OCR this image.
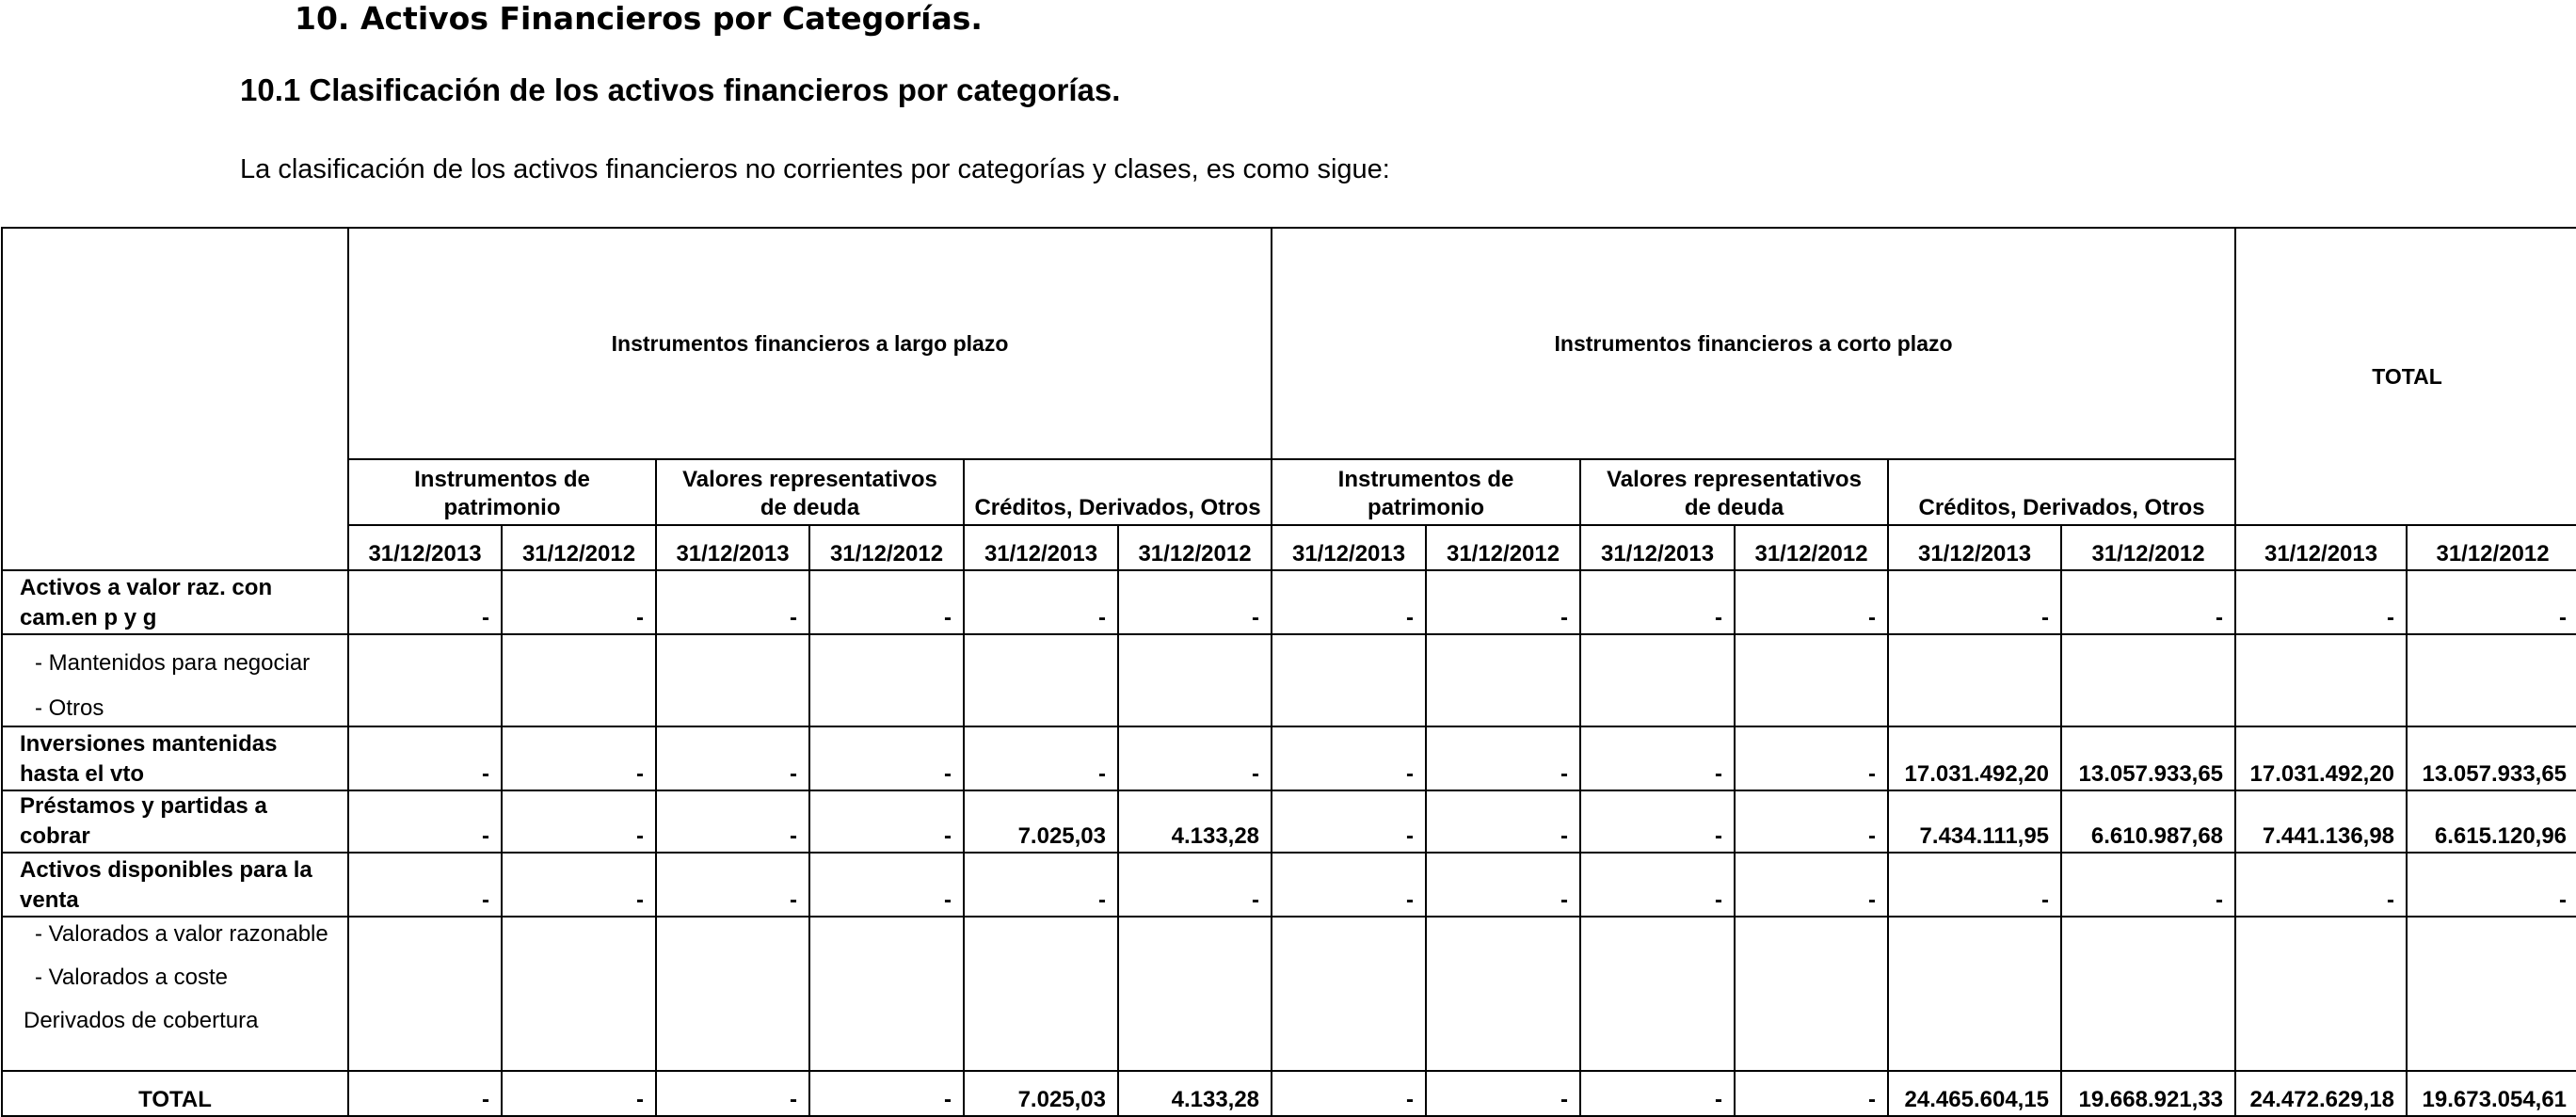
10. Activos Financieros por Categorías.
10.1 Clasificación de los activos financieros por categorías.
La clasificación de los activos financieros no corrientes por categorías y clases, es como sigue:
	Instrumentos financieros a largo plazo						Instrumentos financieros a corto plazo						TOTAL	
	Instrumentos de patrimonio		Valores representativos de deuda		Créditos, Derivados, Otros		Instrumentos de patrimonio		Valores representativos de deuda		Créditos, Derivados, Otros			
	31/12/2013	31/12/2012	31/12/2013	31/12/2012	31/12/2013	31/12/2012	31/12/2013	31/12/2012	31/12/2013	31/12/2012	31/12/2013	31/12/2012	31/12/2013	31/12/2012
Activos a valor raz. con cam.en p y g	-	-	-	-	-	-	-	-	-	-	-	-	-	-

- Mantenidos para negociar
- Otros														

Inversiones mantenidas hasta el vto	-	-	-	-	-	-	-	-	-	-	17.031.492,20	13.057.933,65	17.031.492,20	13.057.933,65
Préstamos y partidas a cobrar	-	-	-	-	7.025,03	4.133,28	-	-	-	-	7.434.111,95	6.610.987,68	7.441.136,98	6.615.120,96
Activos disponibles para la venta	-	-	-	-	-	-	-	-	-	-	-	-	-	-

- Valorados a valor razonable
- Valorados a coste
Derivados de cobertura														

TOTAL	-	-	-	-	7.025,03	4.133,28	-	-	-	-	24.465.604,15	19.668.921,33	24.472.629,18	19.673.054,61
